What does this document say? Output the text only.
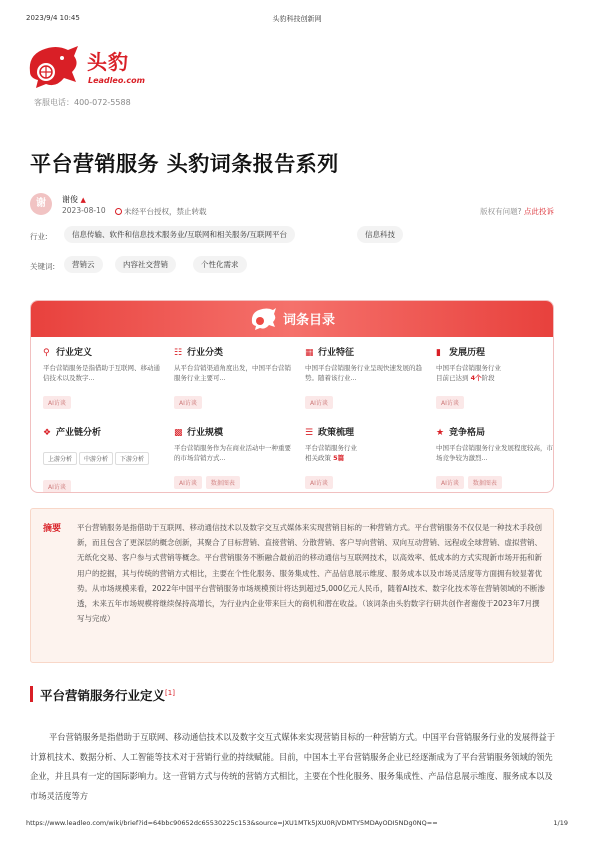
2023/9/4 10:45	头豹科技创新网
头豹
Leadleo.com
客服电话：400-072-5588
平台营销服务 头豹词条报告系列
谢	谢俊 ▲
2023-08-10	未经平台授权，禁止转载	版权有问题? 点此投诉
行业:	信息传输、软件和信息技术服务业/互联网和相关服务/互联网平台	信息科技
关键词:	营销云	内容社交营销	个性化需求
词条目录
⚲ 行业定义
平台营销服务是指借助于互联网、移动通信技术以及数字...
AI访谈
☷ 行业分类
从平台营销渠道角度出发，中国平台营销服务行业主要可...
AI访谈
▦ 行业特征
中国平台营销服务行业呈现快速发展的趋势。随着该行业...
AI访谈
▮ 发展历程
中国平台营销服务行业
目前已达到 4个阶段
AI访谈
❖ 产业链分析
上游分析 中游分析 下游分析
AI访谈
▩ 行业规模
平台营销服务作为在商业活动中一种重要的市场营销方式...
AI访谈 数据图表
☰ 政策梳理
平台营销服务行业
相关政策 5篇
AI访谈
★ 竞争格局
中国平台营销服务行业发展程度较高，市场竞争较为激烈...
AI访谈 数据图表
摘要 平台营销服务是指借助于互联网、移动通信技术以及数字交互式媒体来实现营销目标的一种营销方式。平台营销服务不仅仅是一种技术手段创新，而且包含了更深层的概念创新，其聚合了目标营销、直接营销、分散营销、客户导向营销、双向互动营销、远程或全球营销、虚拟营销、无纸化交易、客户参与式营销等概念。平台营销服务不断融合最前沿的移动通信与互联网技术，以高效率、低成本的方式实现新市场开拓和新用户的挖掘，其与传统的营销方式相比，主要在个性化服务、服务集成性、产品信息展示维度、服务成本以及市场灵活度等方面拥有较显著优势。从市场规模来看，2022年中国平台营销服务市场规模预计将达到超过5,000亿元人民币，随着AI技术、数字化技术等在营销领域的不断渗透，未来五年市场规模将继续保持高增长，为行业内企业带来巨大的商机和潜在收益。（该词条由头豹数字行研共创作者谢俊于2023年7月撰写与完成）
平台营销服务行业定义[1]
平台营销服务是指借助于互联网、移动通信技术以及数字交互式媒体来实现营销目标的一种营销方式。中国平台营销服务行业的发展得益于计算机技术、数据分析、人工智能等技术对于营销行业的持续赋能。目前，中国本土平台营销服务企业已经逐渐成为了平台营销服务领域的领先企业，并且具有一定的国际影响力。这一营销方式与传统的营销方式相比，主要在个性化服务、服务集成性、产品信息展示维度、服务成本以及市场灵活度等方
https://www.leadleo.com/wiki/brief?id=64bbc90652dc65530225c153&source=JXU1MTk5JXU0RjVDMTY5MDAyODI5NDg0NQ==	1/19
